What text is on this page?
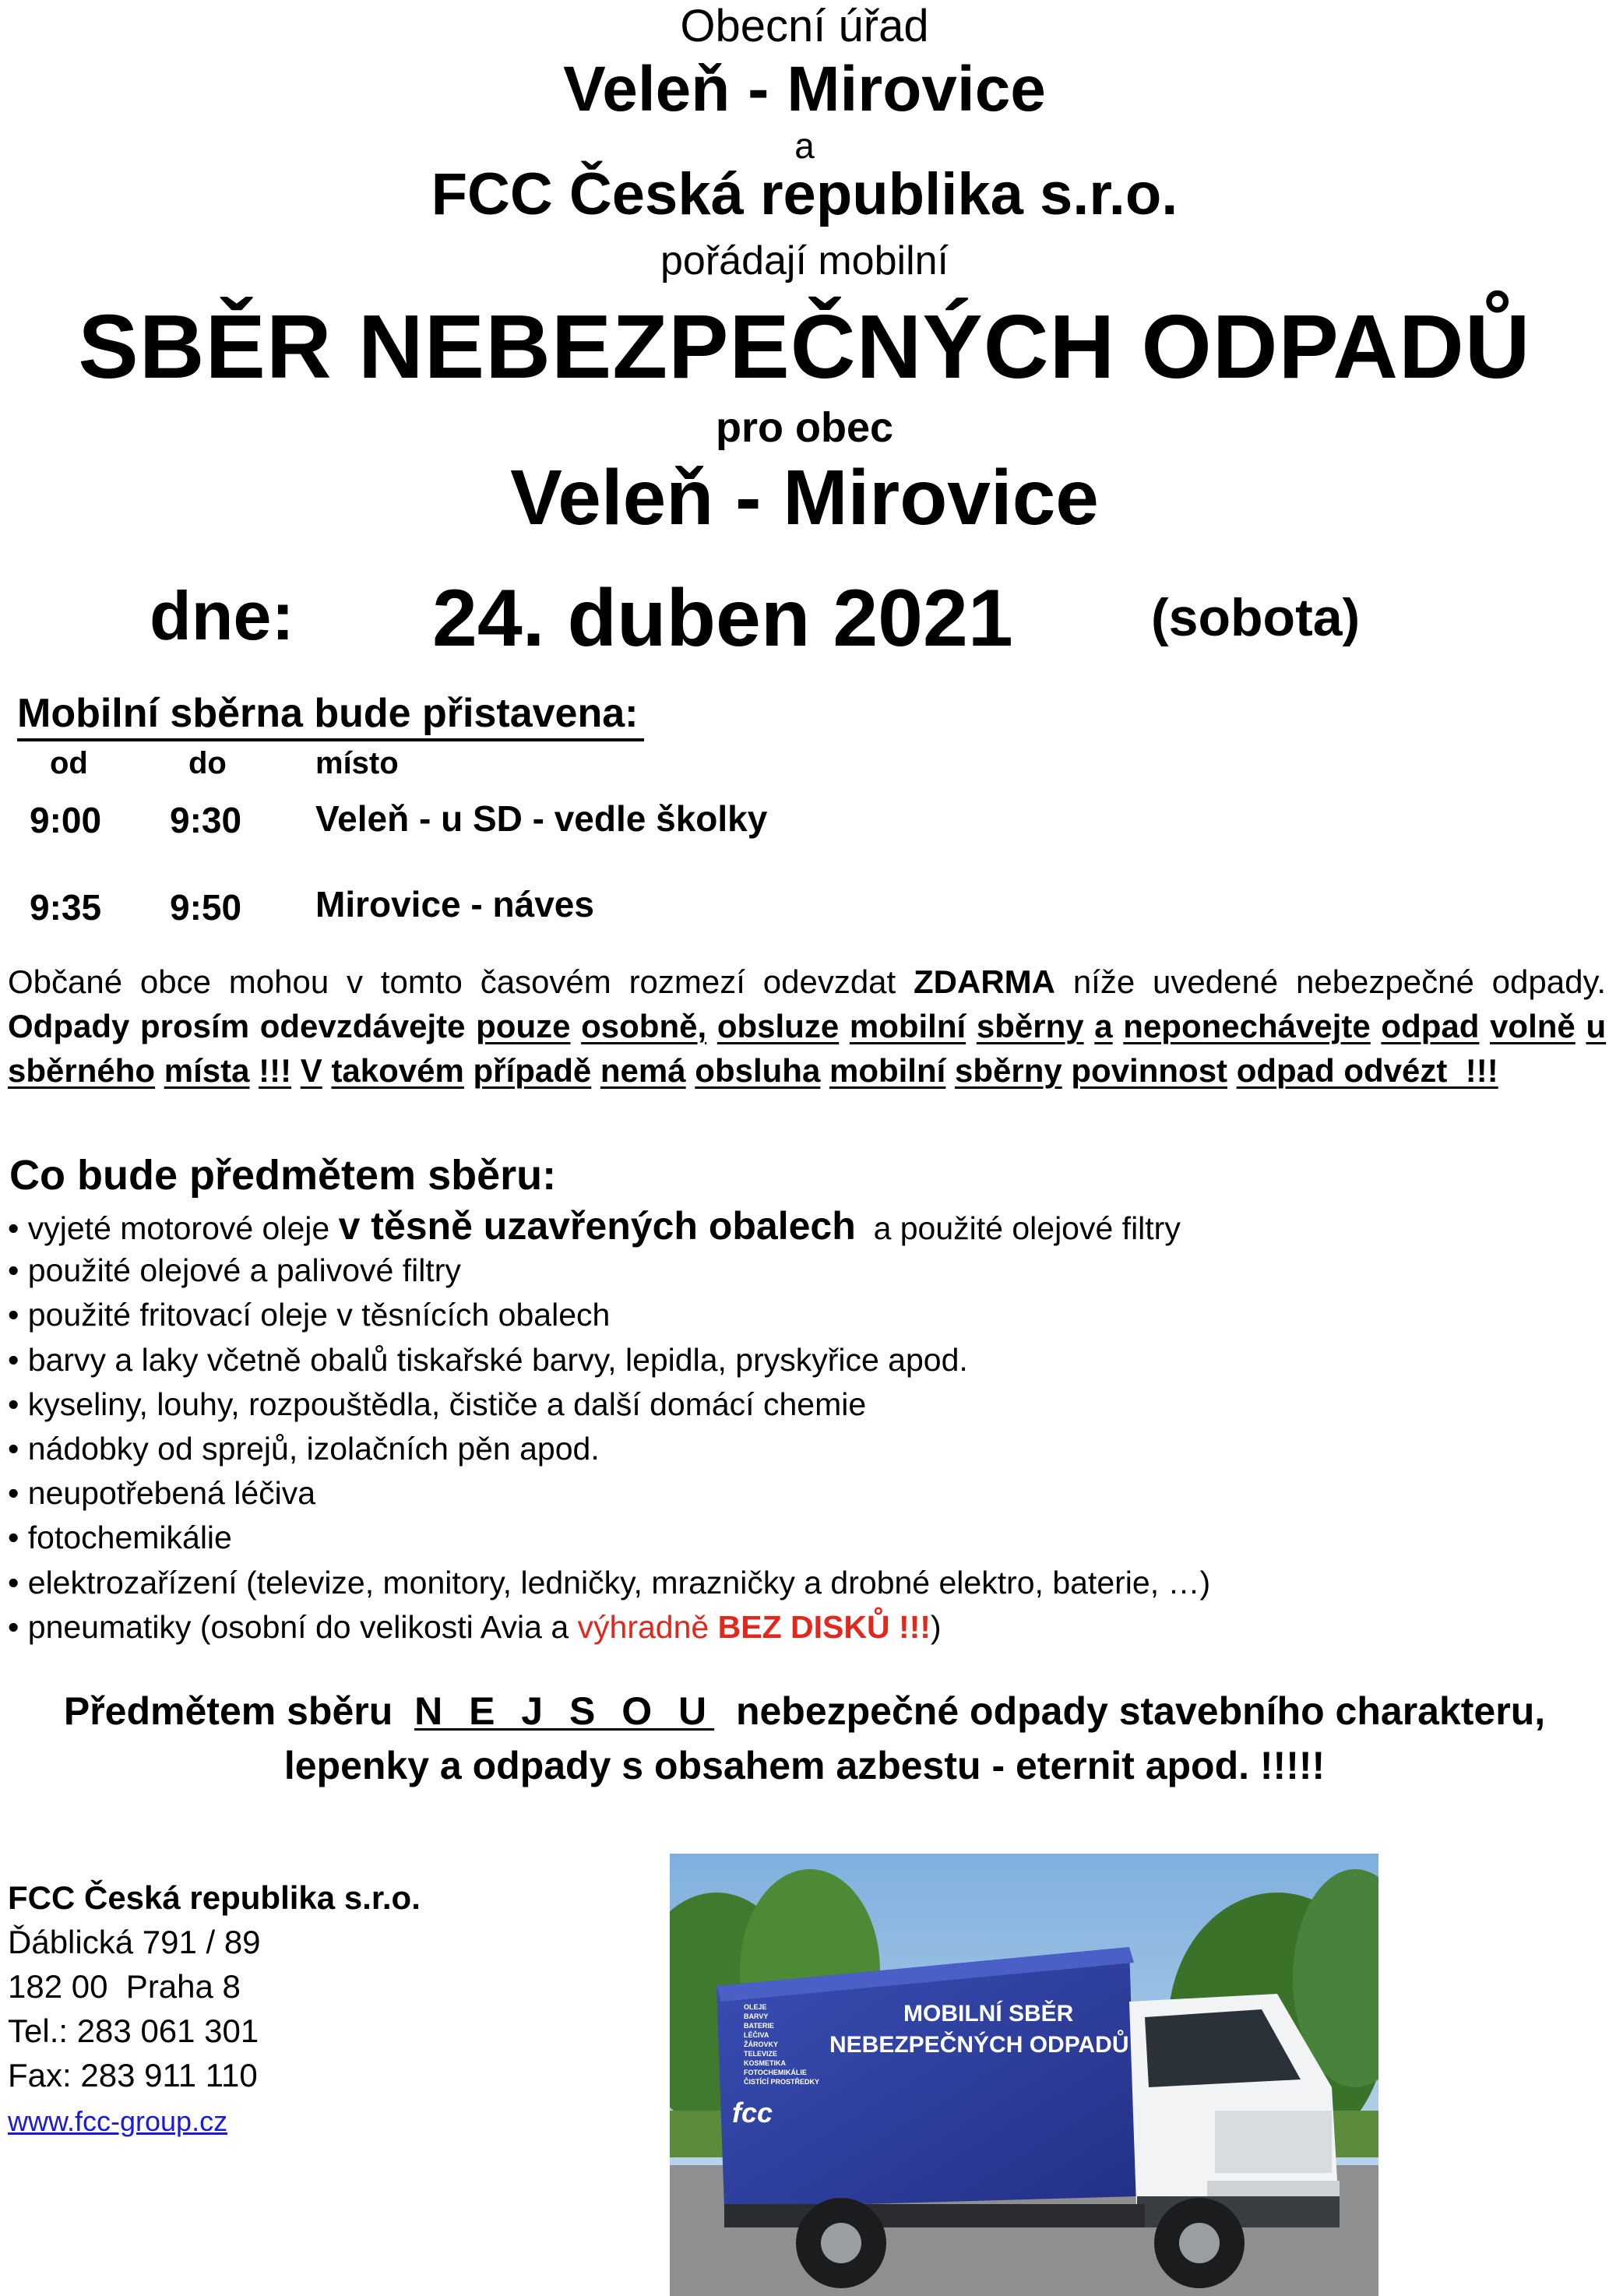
Obecní úřad
Veleň - Mirovice
a
FCC Česká republika s.r.o.
pořádají mobilní
SBĚR NEBEZPEČNÝCH ODPADŮ
pro obec
Veleň - Mirovice
dne: 24. duben 2021	(sobota)
Mobilní sběrna bude přistavena:
od	do	místo
9:00 9:30 Veleň - u SD - vedle školky
9:35 9:50 Mirovice - náves
Občané obce mohou v tomto časovém rozmezí odevzdat ZDARMA níže uvedené nebezpečné odpady. Odpady prosím odevzdávejte pouze osobně, obsluze mobilní sběrny a neponechávejte odpad volně u sběrného místa !!! V takovém případě nemá obsluha mobilní sběrny povinnost odpad odvézt  !!!
Co bude předmětem sběru:
• vyjeté motorové oleje v těsně uzavřených obalech a použité olejové filtry
• použité olejové a palivové filtry
• použité fritovací oleje v těsnících obalech
• barvy a laky včetně obalů tiskařské barvy, lepidla, pryskyřice apod.
• kyseliny, louhy, rozpouštědla, čističe a další domácí chemie
• nádobky od sprejů, izolačních pěn apod.
• neupotřebená léčiva
• fotochemikálie
• elektrozařízení (televize, monitory, ledničky, mrazničky a drobné elektro, baterie, …)
• pneumatiky (osobní do velikosti Avia a výhradně BEZ DISKŮ !!!)
Předmětem sběru N E J S O U nebezpečné odpady stavebního charakteru,
lepenky a odpady s obsahem azbestu - eternit apod. !!!!!
FCC Česká republika s.r.o.
Ďáblická 791 / 89
182 00  Praha 8
Tel.: 283 061 301
Fax: 283 911 110
www.fcc-group.cz
MOBILNÍ SBĚR
NEBEZPEČNÝCH ODPADŮ
OLEJE
BARVY
BATERIE
LÉČIVA
ŽÁROVKY
TELEVIZE
KOSMETIKA
FOTOCHEMIKÁLIE
ČISTÍCÍ PROSTŘEDKY
fcc
